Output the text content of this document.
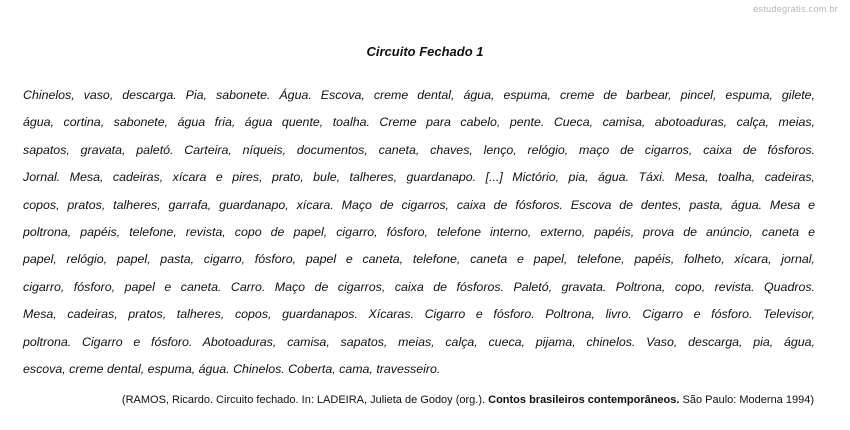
estudegratis.com.br
Circuito Fechado 1
Chinelos, vaso, descarga. Pia, sabonete. Água. Escova, creme dental, água, espuma, creme de barbear, pincel, espuma, gilete,
água, cortina, sabonete, água fria, água quente, toalha. Creme para cabelo, pente. Cueca, camisa, abotoaduras, calça, meias,
sapatos, gravata, paletó. Carteira, níqueis, documentos, caneta, chaves, lenço, relógio, maço de cigarros, caixa de fósforos.
Jornal. Mesa, cadeiras, xícara e pires, prato, bule, talheres, guardanapo. [...] Mictório, pia, água. Táxi. Mesa, toalha, cadeiras,
copos, pratos, talheres, garrafa, guardanapo, xícara. Maço de cigarros, caixa de fósforos. Escova de dentes, pasta, água. Mesa e
poltrona, papéis, telefone, revista, copo de papel, cigarro, fósforo, telefone interno, externo, papéis, prova de anúncio, caneta e
papel, relógio, papel, pasta, cigarro, fósforo, papel e caneta, telefone, caneta e papel, telefone, papéis, folheto, xícara, jornal,
cigarro, fósforo, papel e caneta. Carro. Maço de cigarros, caixa de fósforos. Paletó, gravata. Poltrona, copo, revista. Quadros.
Mesa, cadeiras, pratos, talheres, copos, guardanapos. Xícaras. Cigarro e fósforo. Poltrona, livro. Cigarro e fósforo. Televisor,
poltrona. Cigarro e fósforo. Abotoaduras, camisa, sapatos, meias, calça, cueca, pijama, chinelos. Vaso, descarga, pia, água,
escova, creme dental, espuma, água. Chinelos. Coberta, cama, travesseiro.
(RAMOS, Ricardo. Circuito fechado. In: LADEIRA, Julieta de Godoy (org.). Contos brasileiros contemporâneos. São Paulo: Moderna 1994)
